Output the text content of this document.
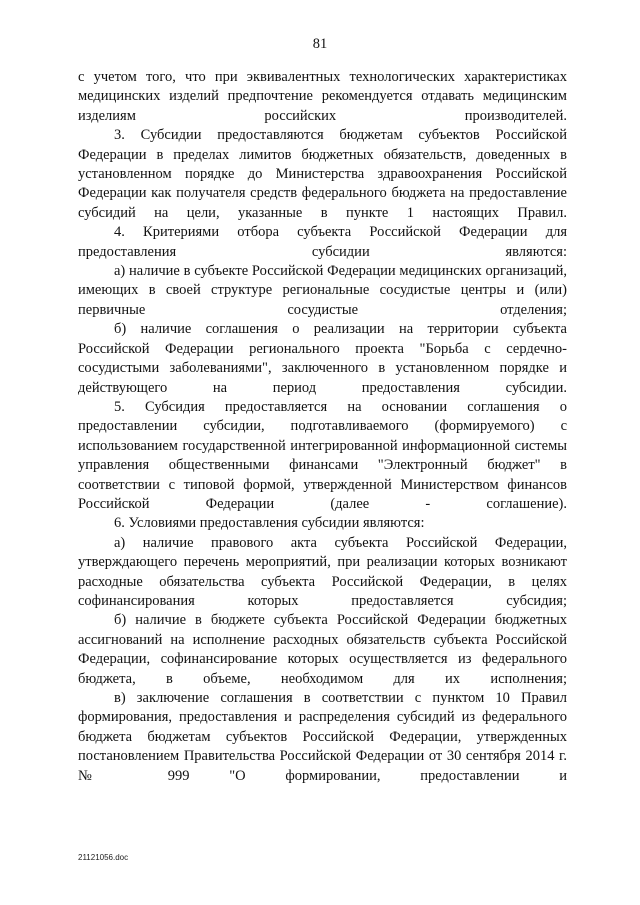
81

с учетом того, что при эквивалентных технологических характеристиках медицинских изделий предпочтение рекомендуется отдавать медицинским изделиям российских производителей.

3. Субсидии предоставляются бюджетам субъектов Российской Федерации в пределах лимитов бюджетных обязательств, доведенных в установленном порядке до Министерства здравоохранения Российской Федерации как получателя средств федерального бюджета на предоставление субсидий на цели, указанные в пункте 1 настоящих Правил.

4. Критериями отбора субъекта Российской Федерации для предоставления субсидии являются:

а) наличие в субъекте Российской Федерации медицинских организаций, имеющих в своей структуре региональные сосудистые центры и (или) первичные сосудистые отделения;

б) наличие соглашения о реализации на территории субъекта Российской Федерации регионального проекта "Борьба с сердечно-сосудистыми заболеваниями", заключенного в установленном порядке и действующего на период предоставления субсидии.

5. Субсидия предоставляется на основании соглашения о предоставлении субсидии, подготавливаемого (формируемого) с использованием государственной интегрированной информационной системы управления общественными финансами "Электронный бюджет" в соответствии с типовой формой, утвержденной Министерством финансов Российской Федерации (далее - соглашение).

6. Условиями предоставления субсидии являются:

а) наличие правового акта субъекта Российской Федерации, утверждающего перечень мероприятий, при реализации которых возникают расходные обязательства субъекта Российской Федерации, в целях софинансирования которых предоставляется субсидия;

б) наличие в бюджете субъекта Российской Федерации бюджетных ассигнований на исполнение расходных обязательств субъекта Российской Федерации, софинансирование которых осуществляется из федерального бюджета, в объеме, необходимом для их исполнения;

в) заключение соглашения в соответствии с пунктом 10 Правил формирования, предоставления и распределения субсидий из федерального бюджета бюджетам субъектов Российской Федерации, утвержденных постановлением Правительства Российской Федерации от 30 сентября 2014 г. № 999 "О формировании, предоставлении и

21121056.doc
